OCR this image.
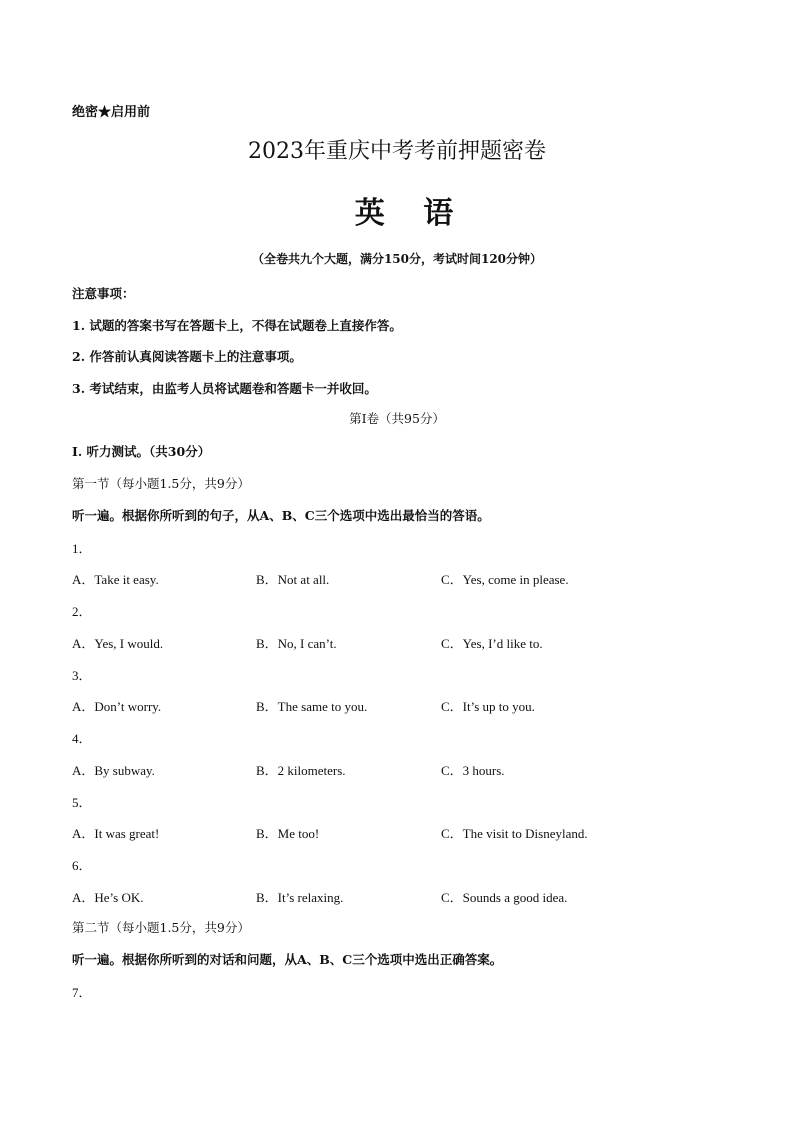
绝密★启用前
2023年重庆中考考前押题密卷
英 语
（全卷共九个大题，满分150分，考试时间120分钟）
注意事项：
1. 试题的答案书写在答题卡上，不得在试题卷上直接作答。
2. 作答前认真阅读答题卡上的注意事项。
3. 考试结束，由监考人员将试题卷和答题卡一并收回。
第Ⅰ卷（共95分）
Ⅰ. 听力测试。（共30分）
第一节（每小题1.5分，共9分）
听一遍。根据你所听到的句子，从A、B、C三个选项中选出最恰当的答语。
1．
A．Take it easy.	B．Not at all.	C．Yes, come in please.
2．
A．Yes, I would.	B．No, I can’t.	C．Yes, I’d like to.
3．
A．Don’t worry.	B．The same to you.	C．It’s up to you.
4．
A．By subway.	B．2 kilometers.	C．3 hours.
5．
A．It was great!	B．Me too!	C．The visit to Disneyland.
6．
A．He’s OK.	B．It’s relaxing.	C．Sounds a good idea.
第二节（每小题1.5分，共9分）
听一遍。根据你所听到的对话和问题，从A、B、C三个选项中选出正确答案。
7．
